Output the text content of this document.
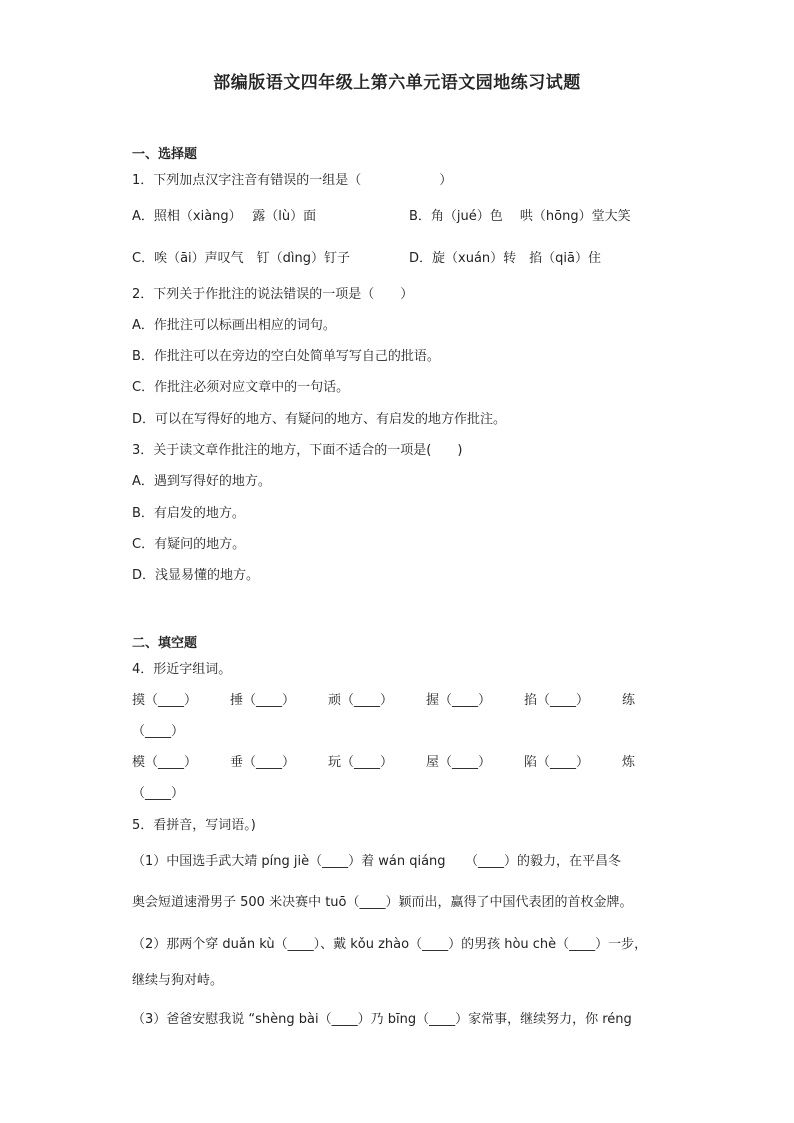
部编版语文四年级上第六单元语文园地练习试题
一、选择题
1．下列加点汉字注音有错误的一组是（　　　　　　）
A．照相（xiàng）　 露（lù）面	B．角（jué）色　 哄（hōng）堂大笑
C．唉（āi）声叹气　钉（dìng）钉子	D．旋（xuán）转　掐（qiā）住
2．下列关于作批注的说法错误的一项是（　　）
A．作批注可以标画出相应的词句。
B．作批注可以在旁边的空白处简单写写自己的批语。
C．作批注必须对应文章中的一句话。
D．可以在写得好的地方、有疑问的地方、有启发的地方作批注。
3．关于读文章作批注的地方，下面不适合的一项是(　　)
A．遇到写得好的地方。
B．有启发的地方。
C．有疑问的地方。
D．浅显易懂的地方。
二、填空题
4．形近字组词。
摸（____）	捶（____）	顽（____）	握（____）	掐（____）	练
（____）
模（____）	垂（____）	玩（____）	屋（____）	陷（____）	炼
（____）
5．看拼音，写词语。)
（1）中国选手武大靖 píng jiè（____）着 wán qiáng　　（____）的毅力，在平昌冬
奥会短道速滑男子 500 米决赛中 tuō（____）颖而出，赢得了中国代表团的首枚金牌。
（2）那两个穿 duǎn kù（____）、戴 kǒu zhào（____）的男孩 hòu chè（____）一步，
继续与狗对峙。
（3）爸爸安慰我说 “shèng bài（____）乃 bīng（____）家常事，继续努力，你 réng
